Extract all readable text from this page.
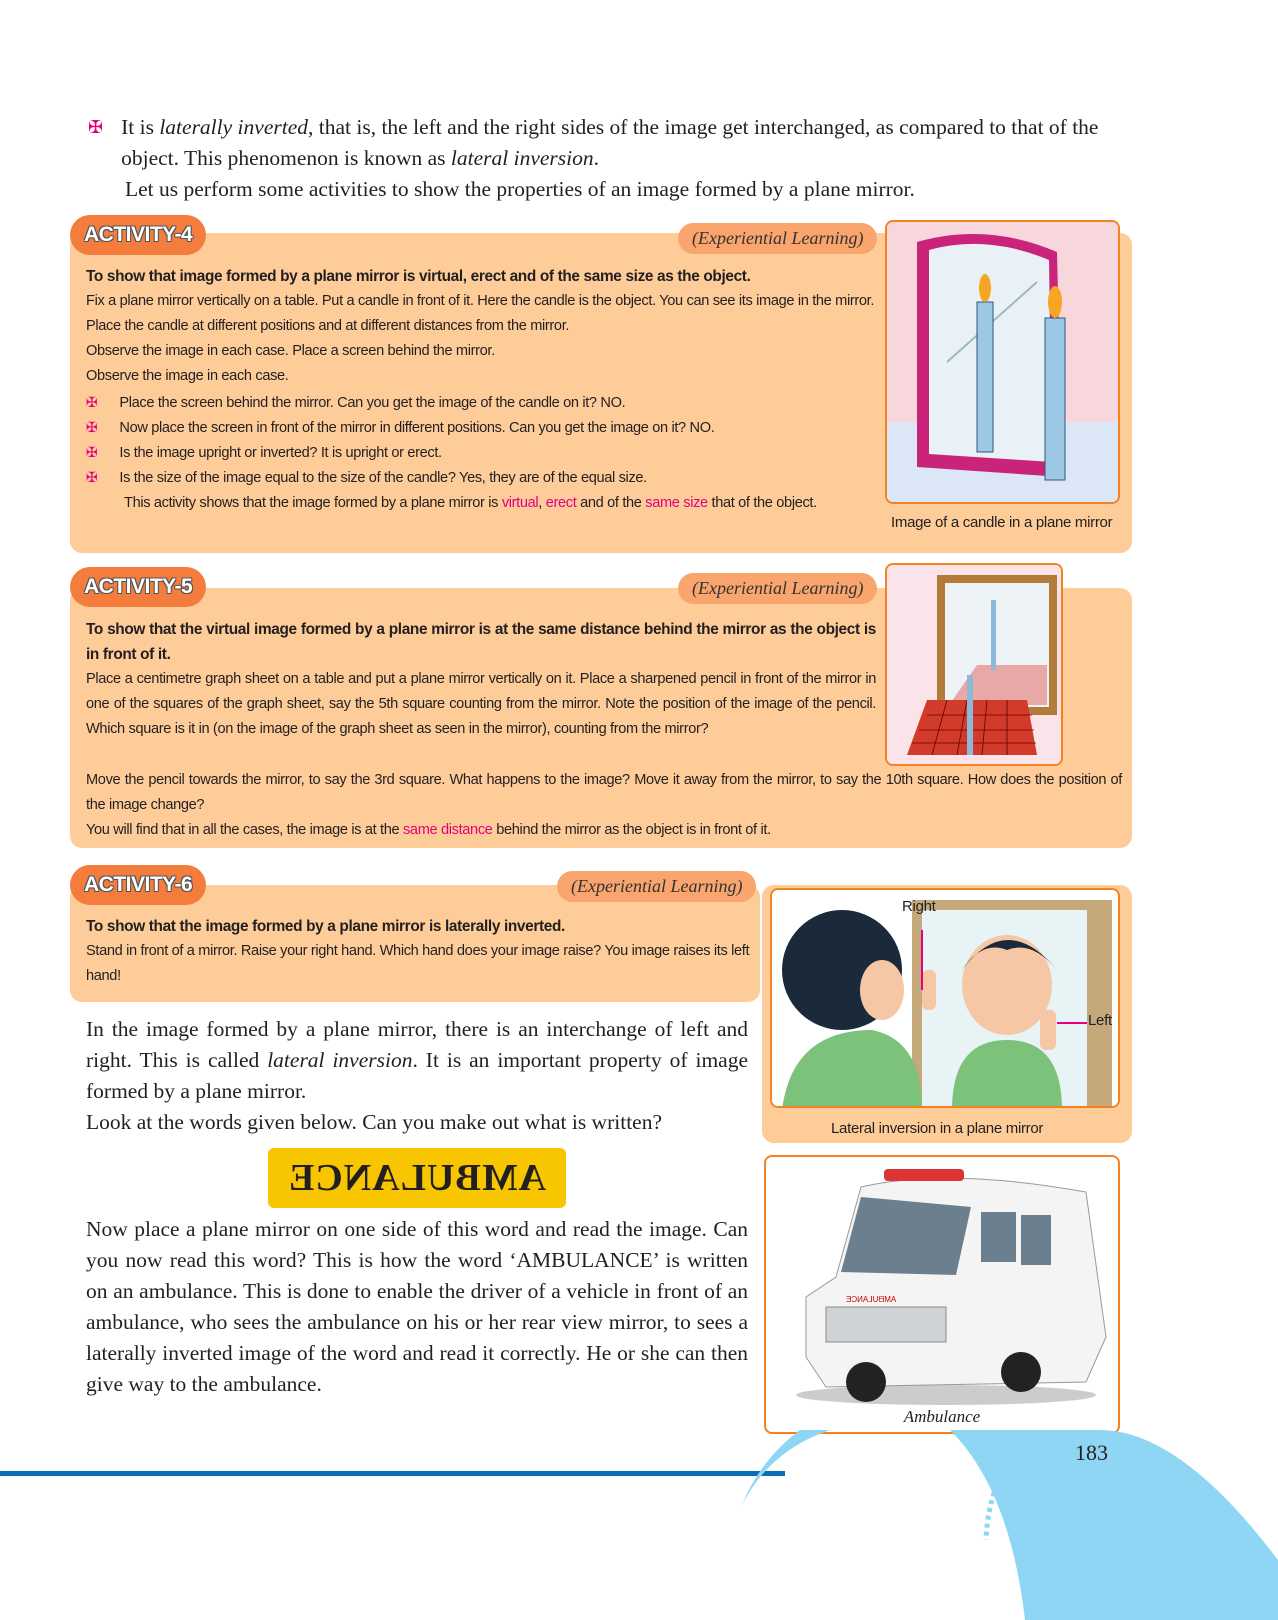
✠ It is laterally inverted, that is, the left and the right sides of the image get interchanged, as compared to that of the object. This phenomenon is known as lateral inversion.

Let us perform some activities to show the properties of an image formed by a plane mirror.

ACTIVITY-4	(Experiential Learning)

To show that image formed by a plane mirror is virtual, erect and of the same size as the object.

Fix a plane mirror vertically on a table. Put a candle in front of it. Here the candle is the object. You can see its image in the mirror. Place the candle at different positions and at different distances from the mirror.

Observe the image in each case. Place a screen behind the mirror.

Observe the image in each case.

✠ Place the screen behind the mirror. Can you get the image of the candle on it? NO.
✠ Now place the screen in front of the mirror in different positions. Can you get the image on it? NO.
✠ Is the image upright or inverted? It is upright or erect.
✠ Is the size of the image equal to the size of the candle? Yes, they are of the equal size.

This activity shows that the image formed by a plane mirror is virtual, erect and of the same size that of the object.

Image of a candle in a plane mirror
ACTIVITY-5	(Experiential Learning)

To show that the virtual image formed by a plane mirror is at the same distance behind the mirror as the object is in front of it.

Place a centimetre graph sheet on a table and put a plane mirror vertically on it. Place a sharpened pencil in front of the mirror in one of the squares of the graph sheet, say the 5th square counting from the mirror. Note the position of the image of the pencil. Which square is it in (on the image of the graph sheet as seen in the mirror), counting from the mirror?

Move the pencil towards the mirror, to say the 3rd square. What happens to the image? Move it away from the mirror, to say the 10th square. How does the position of the image change?

You will find that in all the cases, the image is at the same distance behind the mirror as the object is in front of it.

ACTIVITY-6	(Experiential Learning)

To show that the image formed by a plane mirror is laterally inverted.

Stand in front of a mirror. Raise your right hand. Which hand does your image raise? You image raises its left hand!

Right
Left
Lateral inversion in a plane mirror

In the image formed by a plane mirror, there is an interchange of left and right. This is called lateral inversion. It is an important property of image formed by a plane mirror.

Look at the words given below. Can you make out what is written?

AMBULANCE

Now place a plane mirror on one side of this word and read the image. Can you now read this word? This is how the word ‘AMBULANCE’ is written on an ambulance. This is done to enable the driver of a vehicle in front of an ambulance, who sees the ambulance on his or her rear view mirror, to sees a laterally inverted image of the word and read it correctly. He or she can then give way to the ambulance.

ƎƆИA⅃UᗺMA
Ambulance
183
